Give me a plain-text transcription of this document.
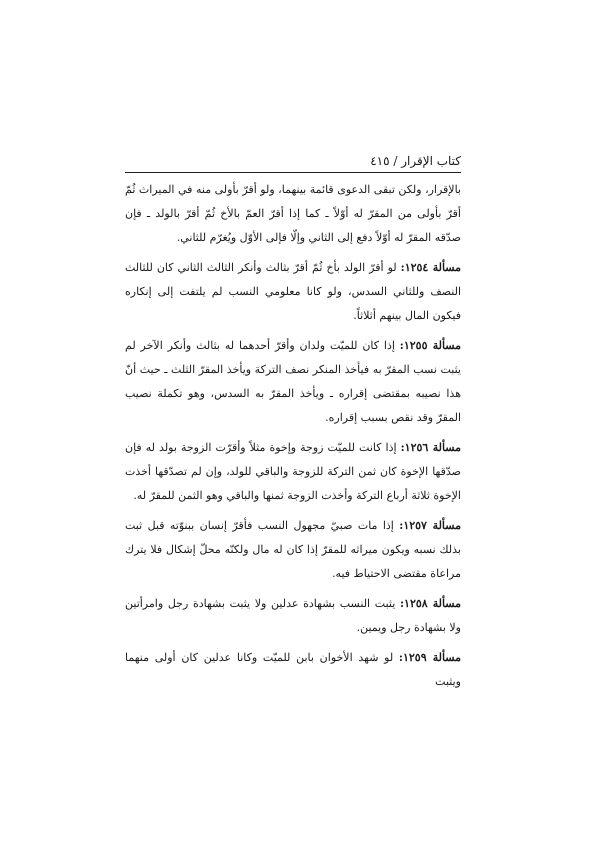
كتاب الإقرار / ٤١٥

بالإقرار، ولكن تبقى الدعوى قائمة بينهما، ولو أقرّ بأولى منه في الميراث ثُمّ أقرّ بأولى من المقرّ له أوّلاً ـ كما إذا أقرّ العمّ بالأخ ثُمّ أقرّ بالولد ـ فإن صدّقه المقرّ له أوّلاً دفع إلى الثاني وإلّا فإلى الأوّل ويُغرّم للثاني.

مسألة ١٢٥٤: لو أقرّ الولد بأخ ثُمّ أقرّ بثالث وأنكر الثالث الثاني كان للثالث النصف وللثاني السدس، ولو كانا معلومي النسب لم يلتفت إلى إنكاره فيكون المال بينهم أثلاثاً.

مسألة ١٢٥٥: إذا كان للميّت ولدان وأقرّ أحدهما له بثالث وأنكر الآخر لم يثبت نسب المقرّ به فيأخذ المنكر نصف التركة ويأخذ المقرّ الثلث ـ حيث أنّ هذا نصيبه بمقتضى إقراره ـ ويأخذ المقرّ به السدس، وهو تكملة نصيب المقرّ وقد نقص بسبب إقراره.

مسألة ١٢٥٦: إذا كانت للميّت زوجة وإخوة مثلاً وأقرّت الزوجة بولد له فإن صدّقها الإخوة كان ثمن التركة للزوجة والباقي للولد، وإن لم تصدّقها أخذت الإخوة ثلاثة أرباع التركة وأخذت الزوجة ثمنها والباقي وهو الثمن للمقرّ له.

مسألة ١٢٥٧: إذا مات صبيّ مجهول النسب فأقرّ إنسان ببنوّته قبل ثبت بذلك نسبه ويكون ميراثه للمقرّ إذا كان له مال ولكنّه محلّ إشكال فلا يترك مراعاة مقتضى الاحتياط فيه.

مسألة ١٢٥٨: يثبت النسب بشهادة عدلين ولا يثبت بشهادة رجل وامرأتين ولا بشهادة رجل ويمين.

مسألة ١٢٥٩: لو شهد الأخوان بابن للميّت وكانا عدلين كان أولى منهما ويثبت
